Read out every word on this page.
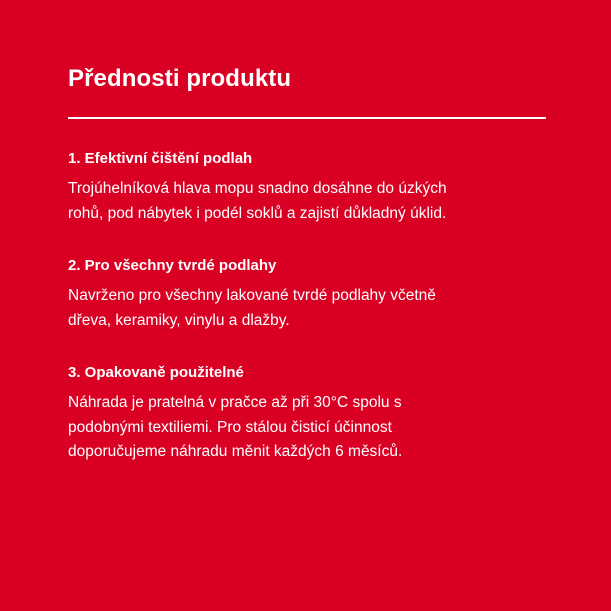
Přednosti produktu
1. Efektivní čištění podlah

Trojúhelníková hlava mopu snadno dosáhne do úzkých
rohů, pod nábytek i podél soklů a zajistí důkladný úklid.

2. Pro všechny tvrdé podlahy

Navrženo pro všechny lakované tvrdé podlahy včetně
dřeva, keramiky, vinylu a dlažby.

3. Opakovaně použitelné

Náhrada je pratelná v pračce až při 30°C spolu s
podobnými textiliemi. Pro stálou čisticí účinnost
doporučujeme náhradu měnit každých 6 měsíců.
